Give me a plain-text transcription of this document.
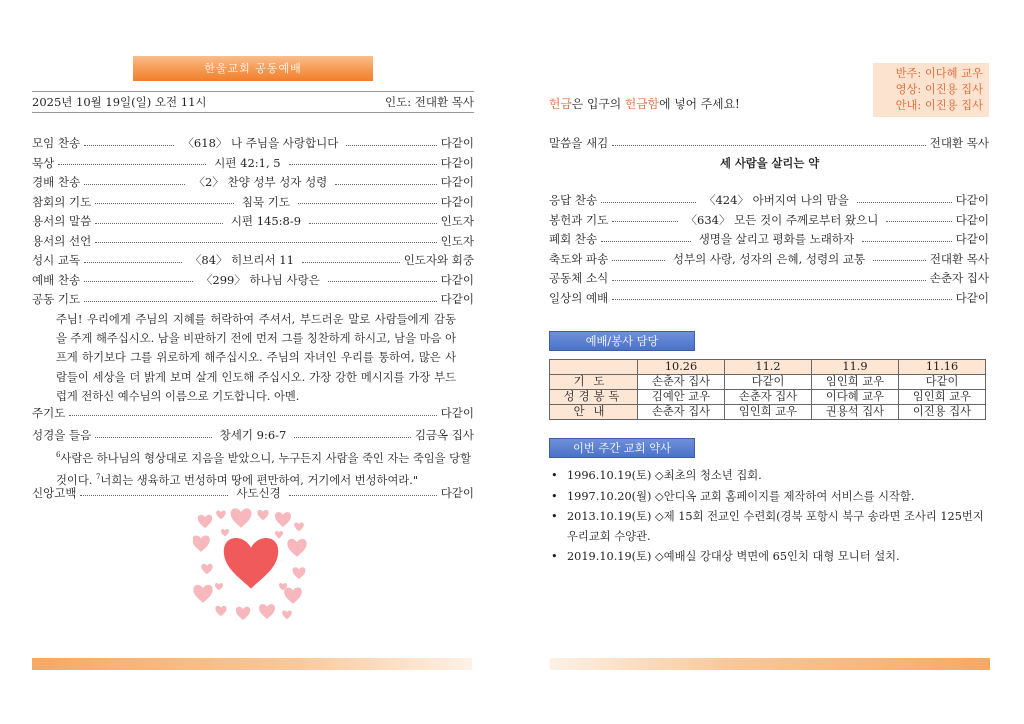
한울교회 공동예배
2025년 10월 19일(일) 오전 11시	인도: 전대환 목사
모임 찬송	〈618〉 나 주님을 사랑합니다	다같이
묵상	시편 42:1, 5	다같이
경배 찬송	〈2〉 찬양 성부 성자 성령	다같이
참회의 기도	침묵 기도	다같이
용서의 말씀	시편 145:8-9	인도자
용서의 선언	인도자
성시 교독	〈84〉 히브리서 11	인도자와 회중
예배 찬송	〈299〉 하나님 사랑은	다같이
공동 기도	다같이
주님! 우리에게 주님의 지혜를 허락하여 주셔서, 부드러운 말로 사람들에게 감동을 주게 해주십시오. 남을 비판하기 전에 먼저 그를 칭찬하게 하시고, 남을 마음 아프게 하기보다 그를 위로하게 해주십시오. 주님의 자녀인 우리를 통하여, 많은 사람들이 세상을 더 밝게 보며 살게 인도해 주십시오. 가장 강한 메시지를 가장 부드럽게 전하신 예수님의 이름으로 기도합니다. 아멘.
주기도	다같이
성경을 들음	창세기 9:6-7	김금옥 집사
$^6$사람은 하나님의 형상대로 지음을 받았으니, 누구든지 사람을 죽인 자는 죽임을 당할 것이다. $^7$너희는 생육하고 번성하며 땅에 편만하여, 거기에서 번성하여라."
신앙고백	사도신경	다같이
헌금은 입구의 헌금함에 넣어 주세요!
반주: 이다혜 교우
영상: 이진용 집사
안내: 이진용 집사
말씀을 새김	전대환 목사
세 사람을 살리는 약
응답 찬송	〈424〉 아버지여 나의 맘을	다같이
봉헌과 기도	〈634〉 모든 것이 주께로부터 왔으니	다같이
폐회 찬송	생명을 살리고 평화를 노래하자	다같이
축도와 파송	성부의 사랑, 성자의 은혜, 성령의 교통	전대환 목사
공동체 소식	손춘자 집사
일상의 예배	다같이
예배/봉사 담당
	10.26	11.2	11.9	11.16
기도	손춘자 집사	다같이	임인희 교우	다같이
성경봉독	김예안 교우	손춘자 집사	이다혜 교우	임인희 교우
안내	손춘자 집사	임인희 교우	권용석 집사	이진용 집사
이번 주간 교회 약사
• 1996.10.19(토) ◇최초의 청소년 집회.
• 1997.10.20(월) ◇안디옥 교회 홈페이지를 제작하여 서비스를 시작함.
• 2013.10.19(토) ◇제 15회 전교인 수련회(경북 포항시 북구 송라면 조사리 125번지 우리교회 수양관.
• 2019.10.19(토) ◇예배실 강대상 벽면에 65인치 대형 모니터 설치.
